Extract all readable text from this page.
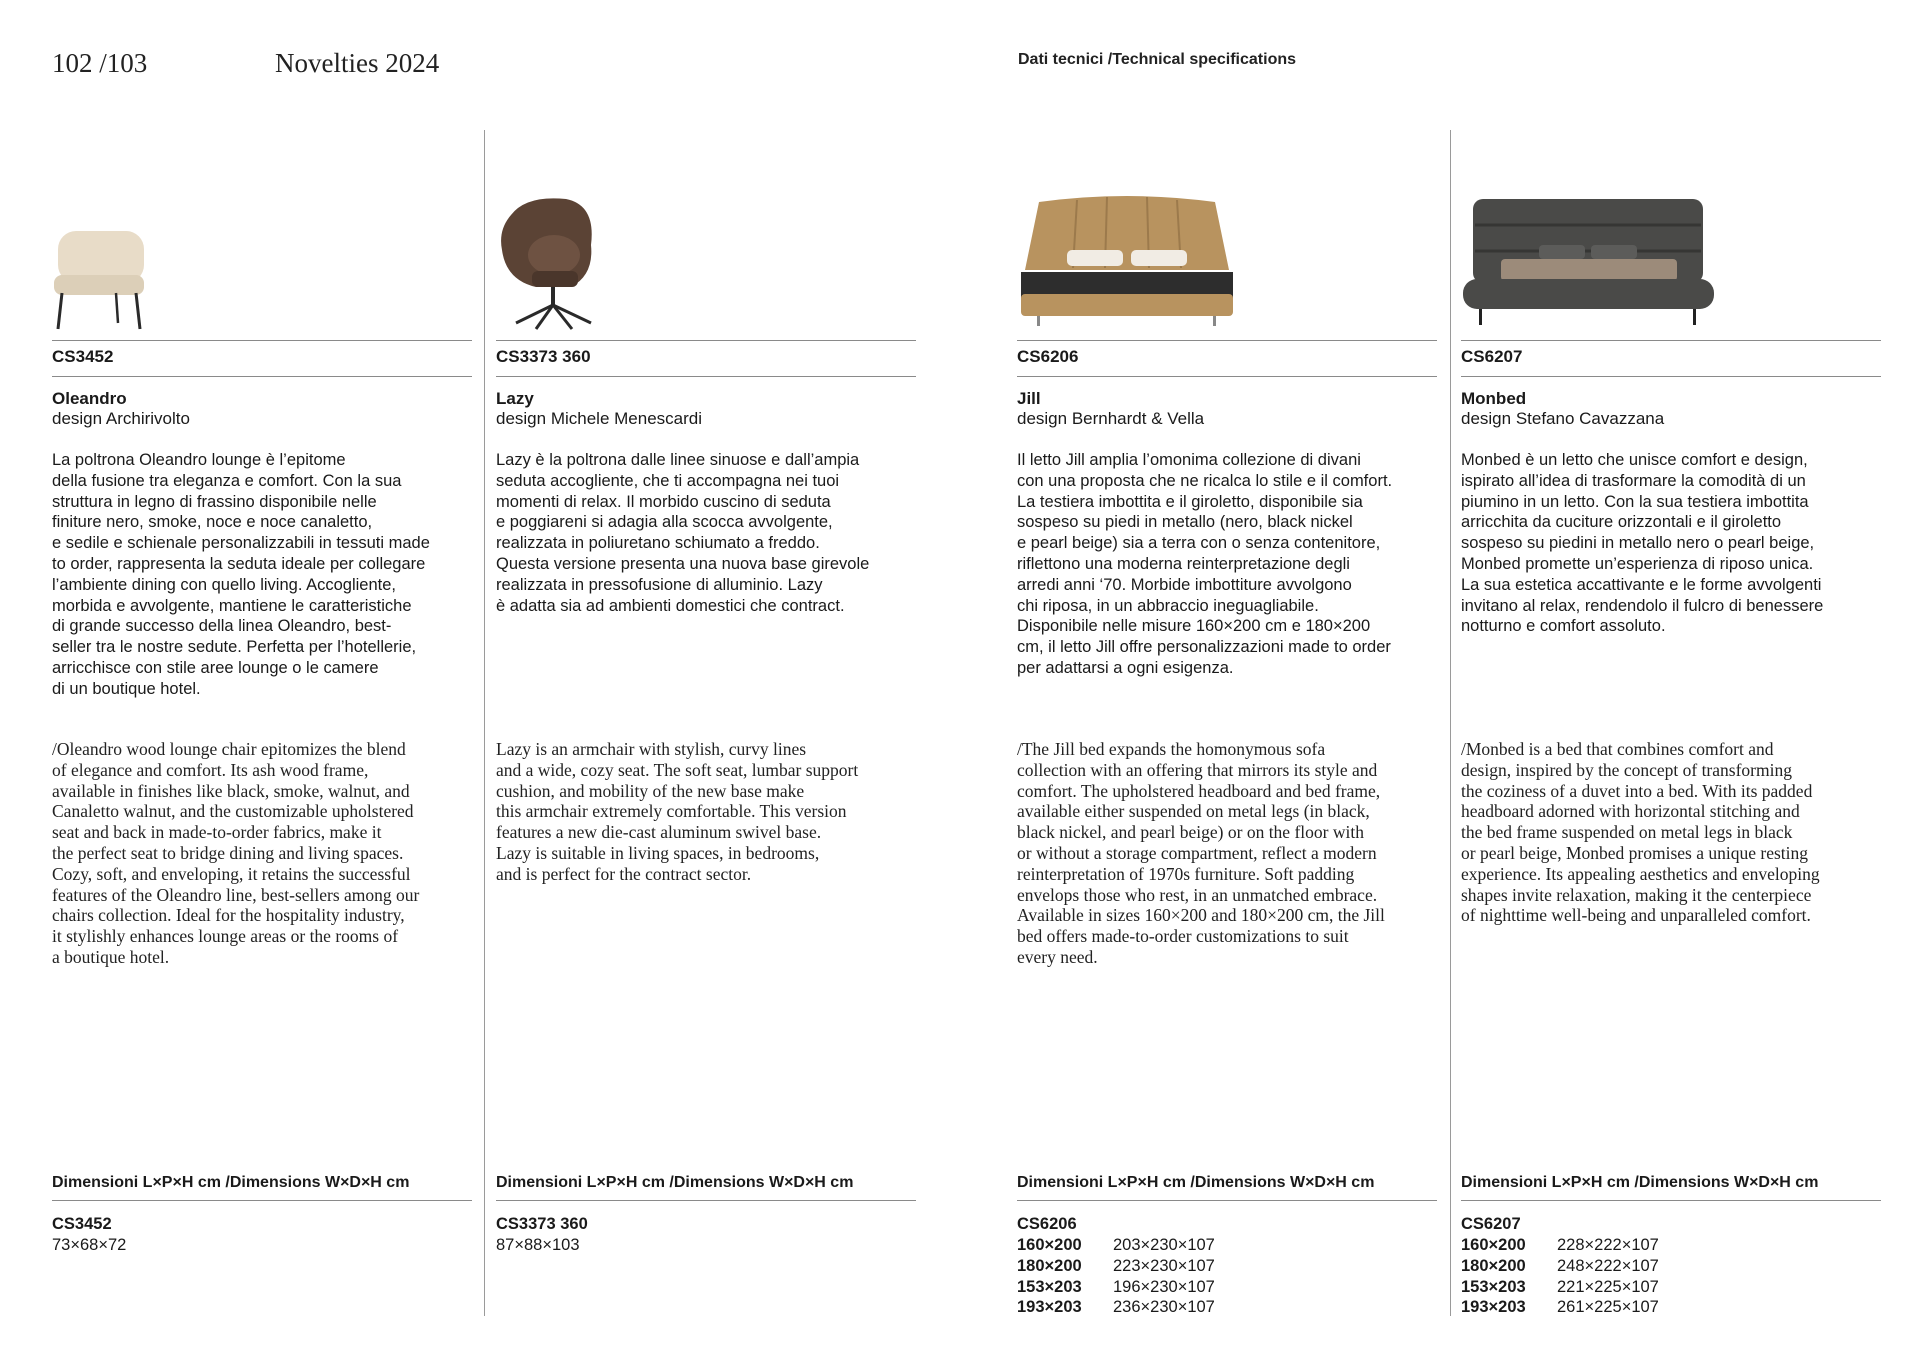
102 /103	Novelties 2024	Dati tecnici /Technical specifications
CS3452
Oleandro
design Archirivolto
La poltrona Oleandro lounge è l’epitome
della fusione tra eleganza e comfort. Con la sua
struttura in legno di frassino disponibile nelle
finiture nero, smoke, noce e noce canaletto,
e sedile e schienale personalizzabili in tessuti made
to order, rappresenta la seduta ideale per collegare
l’ambiente dining con quello living. Accogliente,
morbida e avvolgente, mantiene le caratteristiche
di grande successo della linea Oleandro, best-
seller tra le nostre sedute. Perfetta per l’hotellerie,
arricchisce con stile aree lounge o le camere
di un boutique hotel.
/Oleandro wood lounge chair epitomizes the blend
of elegance and comfort. Its ash wood frame,
available in finishes like black, smoke, walnut, and
Canaletto walnut, and the customizable upholstered
seat and back in made-to-order fabrics, make it
the perfect seat to bridge dining and living spaces.
Cozy, soft, and enveloping, it retains the successful
features of the Oleandro line, best-sellers among our
chairs collection. Ideal for the hospitality industry,
it stylishly enhances lounge areas or the rooms of
a boutique hotel.
Dimensioni L×P×H cm /Dimensions W×D×H cm
CS3452
73×68×72
CS3373 360
Lazy
design Michele Menescardi
Lazy è la poltrona dalle linee sinuose e dall’ampia
seduta accogliente, che ti accompagna nei tuoi
momenti di relax. Il morbido cuscino di seduta
e poggiareni si adagia alla scocca avvolgente,
realizzata in poliuretano schiumato a freddo.
Questa versione presenta una nuova base girevole
realizzata in pressofusione di alluminio. Lazy
è adatta sia ad ambienti domestici che contract.
Lazy is an armchair with stylish, curvy lines
and a wide, cozy seat. The soft seat, lumbar support
cushion, and mobility of the new base make
this armchair extremely comfortable. This version
features a new die-cast aluminum swivel base.
Lazy is suitable in living spaces, in bedrooms,
and is perfect for the contract sector.
Dimensioni L×P×H cm /Dimensions W×D×H cm
CS3373 360
87×88×103
CS6206
Jill
design Bernhardt & Vella
Il letto Jill amplia l’omonima collezione di divani
con una proposta che ne ricalca lo stile e il comfort.
La testiera imbottita e il giroletto, disponibile sia
sospeso su piedi in metallo (nero, black nickel
e pearl beige) sia a terra con o senza contenitore,
riflettono una moderna reinterpretazione degli
arredi anni ‘70. Morbide imbottiture avvolgono
chi riposa, in un abbraccio ineguagliabile.
Disponibile nelle misure 160×200 cm e 180×200
cm, il letto Jill offre personalizzazioni made to order
per adattarsi a ogni esigenza.
/The Jill bed expands the homonymous sofa
collection with an offering that mirrors its style and
comfort. The upholstered headboard and bed frame,
available either suspended on metal legs (in black,
black nickel, and pearl beige) or on the floor with
or without a storage compartment, reflect a modern
reinterpretation of 1970s furniture. Soft padding
envelops those who rest, in an unmatched embrace.
Available in sizes 160×200 and 180×200 cm, the Jill
bed offers made-to-order customizations to suit
every need.
Dimensioni L×P×H cm /Dimensions W×D×H cm
CS6206
160×200 203×230×107
180×200 223×230×107
153×203 196×230×107
193×203 236×230×107
CS6207
Monbed
design Stefano Cavazzana
Monbed è un letto che unisce comfort e design,
ispirato all’idea di trasformare la comodità di un
piumino in un letto. Con la sua testiera imbottita
arricchita da cuciture orizzontali e il giroletto
sospeso su piedini in metallo nero o pearl beige,
Monbed promette un’esperienza di riposo unica.
La sua estetica accattivante e le forme avvolgenti
invitano al relax, rendendolo il fulcro di benessere
notturno e comfort assoluto.
/Monbed is a bed that combines comfort and
design, inspired by the concept of transforming
the coziness of a duvet into a bed. With its padded
headboard adorned with horizontal stitching and
the bed frame suspended on metal legs in black
or pearl beige, Monbed promises a unique resting
experience. Its appealing aesthetics and enveloping
shapes invite relaxation, making it the centerpiece
of nighttime well-being and unparalleled comfort.
Dimensioni L×P×H cm /Dimensions W×D×H cm
CS6207
160×200 228×222×107
180×200 248×222×107
153×203 221×225×107
193×203 261×225×107
